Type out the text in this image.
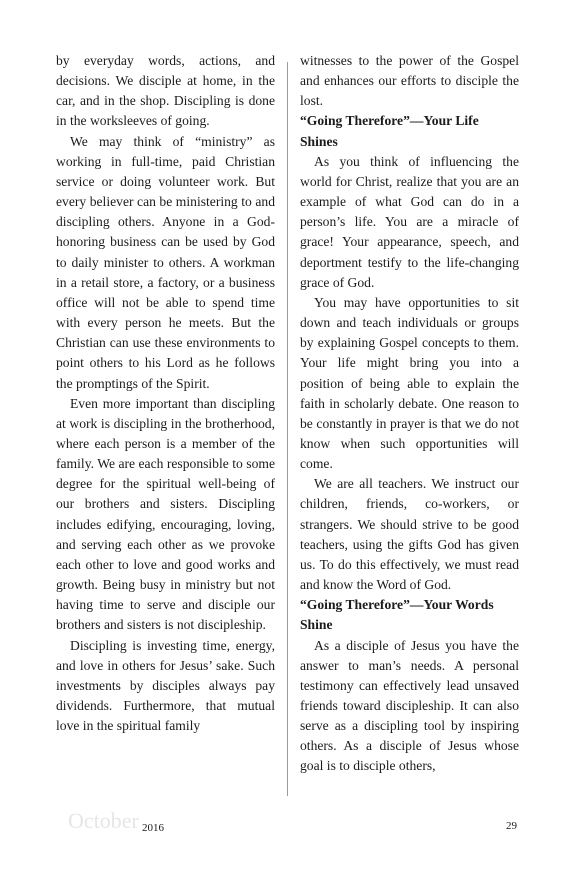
by everyday words, actions, and decisions. We disciple at home, in the car, and in the shop. Discipling is done in the worksleeves of going.

We may think of “ministry” as working in full-time, paid Christian service or doing volunteer work. But every believer can be ministering to and discipling others. Anyone in a God-honoring business can be used by God to daily minister to others. A workman in a retail store, a factory, or a business office will not be able to spend time with every person he meets. But the Christian can use these environments to point others to his Lord as he follows the promptings of the Spirit.

Even more important than discipling at work is discipling in the brotherhood, where each person is a member of the family. We are each responsible to some degree for the spiritual well-being of our brothers and sisters. Discipling includes edifying, encouraging, loving, and serving each other as we provoke each other to love and good works and growth. Being busy in ministry but not having time to serve and disciple our brothers and sisters is not discipleship.

Discipling is investing time, energy, and love in others for Jesus’ sake. Such investments by disciples always pay dividends. Furthermore, that mutual love in the spiritual family

witnesses to the power of the Gospel and enhances our efforts to disciple the lost.

“Going Therefore”—Your Life Shines

As you think of influencing the world for Christ, realize that you are an example of what God can do in a person’s life. You are a miracle of grace! Your appearance, speech, and deportment testify to the life-changing grace of God.

You may have opportunities to sit down and teach individuals or groups by explaining Gospel concepts to them. Your life might bring you into a position of being able to explain the faith in scholarly debate. One reason to be constantly in prayer is that we do not know when such opportunities will come.

We are all teachers. We instruct our children, friends, co-workers, or strangers. We should strive to be good teachers, using the gifts God has given us. To do this effectively, we must read and know the Word of God.

“Going Therefore”—Your Words Shine

As a disciple of Jesus you have the answer to man’s needs. A personal testimony can effectively lead unsaved friends toward discipleship. It can also serve as a discipling tool by inspiring others. As a disciple of Jesus whose goal is to disciple others,

October 2016	29
